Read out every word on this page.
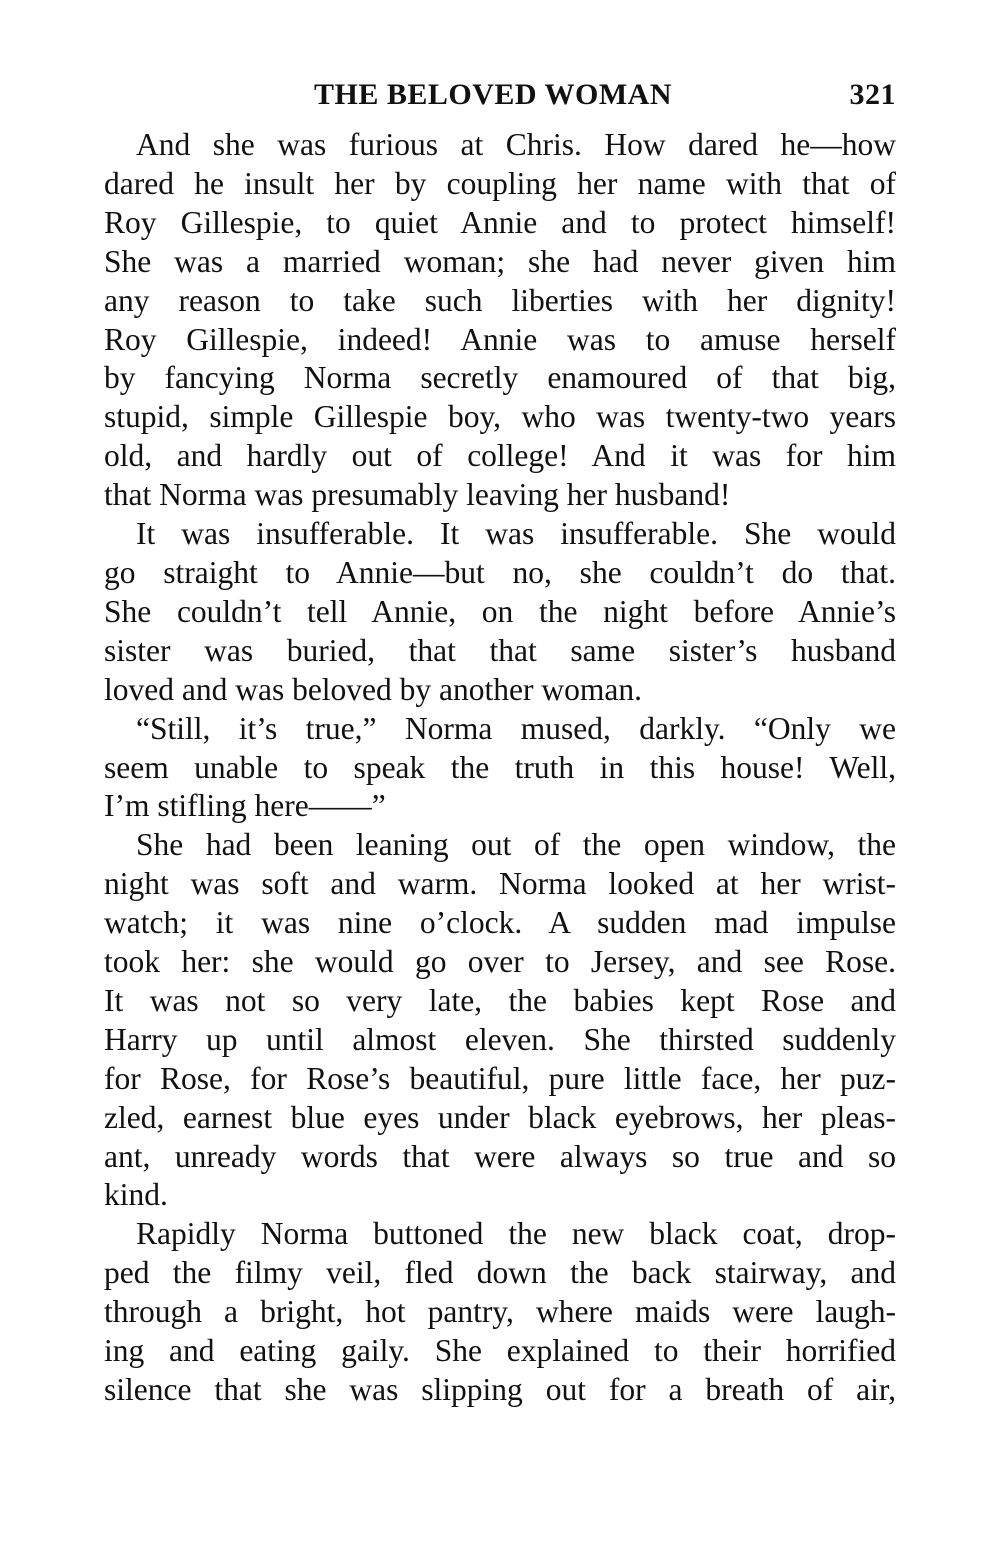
THE BELOVED WOMAN	321
And she was furious at Chris. How dared he—how
dared he insult her by coupling her name with that of
Roy Gillespie, to quiet Annie and to protect himself!
She was a married woman; she had never given him
any reason to take such liberties with her dignity!
Roy Gillespie, indeed! Annie was to amuse herself
by fancying Norma secretly enamoured of that big,
stupid, simple Gillespie boy, who was twenty-two years
old, and hardly out of college! And it was for him
that Norma was presumably leaving her husband!
It was insufferable. It was insufferable. She would
go straight to Annie—but no, she couldn’t do that.
She couldn’t tell Annie, on the night before Annie’s
sister was buried, that that same sister’s husband
loved and was beloved by another woman.
“Still, it’s true,” Norma mused, darkly. “Only we
seem unable to speak the truth in this house! Well,
I’m stifling here——”
She had been leaning out of the open window, the
night was soft and warm. Norma looked at her wrist-
watch; it was nine o’clock. A sudden mad impulse
took her: she would go over to Jersey, and see Rose.
It was not so very late, the babies kept Rose and
Harry up until almost eleven. She thirsted suddenly
for Rose, for Rose’s beautiful, pure little face, her puz-
zled, earnest blue eyes under black eyebrows, her pleas-
ant, unready words that were always so true and so
kind.
Rapidly Norma buttoned the new black coat, drop-
ped the filmy veil, fled down the back stairway, and
through a bright, hot pantry, where maids were laugh-
ing and eating gaily. She explained to their horrified
silence that she was slipping out for a breath of air,
